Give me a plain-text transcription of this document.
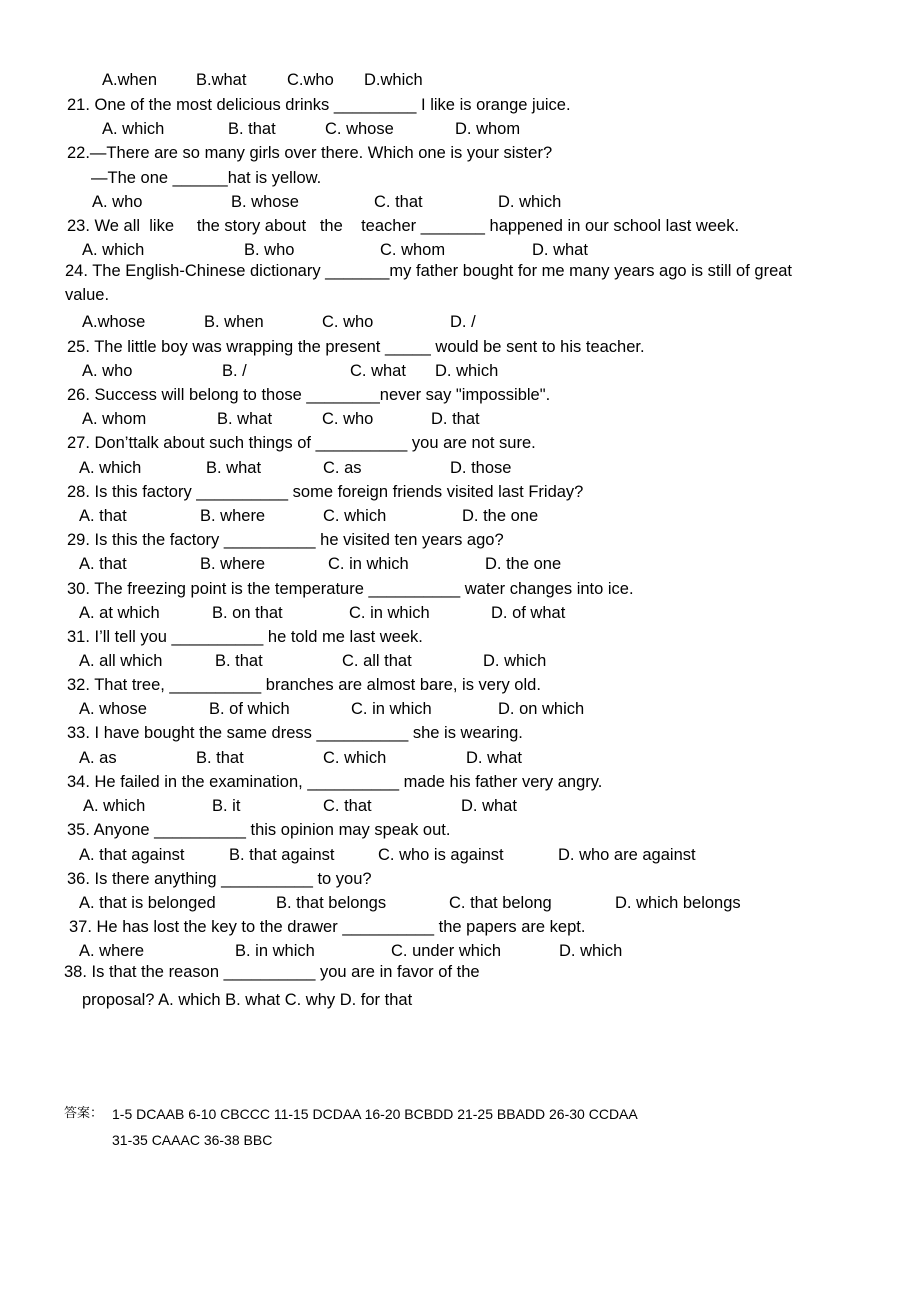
A.when B.what C.who D.which
21. One of the most delicious drinks _________ I like is orange juice.
A. which	B. that	C. whose	D. whom
22.—There are so many girls over there. Which one is your sister?
—The one ______hat is yellow.
A. who	B. whose	C. that	D. which
23. We all  like     the story about   the    teacher _______ happened in our school last week.
A. which	B. who	C. whom	D. what
24. The English-Chinese dictionary _______my father bought for me many years ago is still of great
value.
A.whose	B. when	C. who	D. /
25. The little boy was wrapping the present _____ would be sent to his teacher.
A. who	B. /	C. what D. which
26. Success will belong to those ________never say "impossible".
A. whom	B. what	C. who	D. that
27. Don’ttalk about such things of __________ you are not sure.
A. which	B. what	C. as	D. those
28. Is this factory __________ some foreign friends visited last Friday?
A. that	B. where	C. which	D. the one
29. Is this the factory __________ he visited ten years ago?
A. that	B. where	C. in which	D. the one
30. The freezing point is the temperature __________ water changes into ice.
A. at which	B. on that	C. in which	D. of what
31. I’ll tell you __________ he told me last week.
A. all which	B. that	C. all that	D. which
32. That tree, __________ branches are almost bare, is very old.
A. whose	B. of which	C. in which	D. on which
33. I have bought the same dress __________ she is wearing.
A. as	B. that	C. which	D. what
34. He failed in the examination, __________ made his father very angry.
A. which	B. it	C. that	D. what
35. Anyone __________ this opinion may speak out.
A. that against	B. that against	C. who is against	D. who are against
36. Is there anything __________ to you?
A. that is belonged	B. that belongs	C. that belong	D. which belongs
37. He has lost the key to the drawer __________ the papers are kept.
A. where	B. in which	C. under which	D. which
38. Is that the reason __________ you are in favor of the
proposal? A. which B. what C. why D. for that
答案： 1-5 DCAAB 6-10 CBCCC 11-15 DCDAA 16-20 BCBDD 21-25 BBADD 26-30 CCDAA
31-35 CAAAC 36-38 BBC
